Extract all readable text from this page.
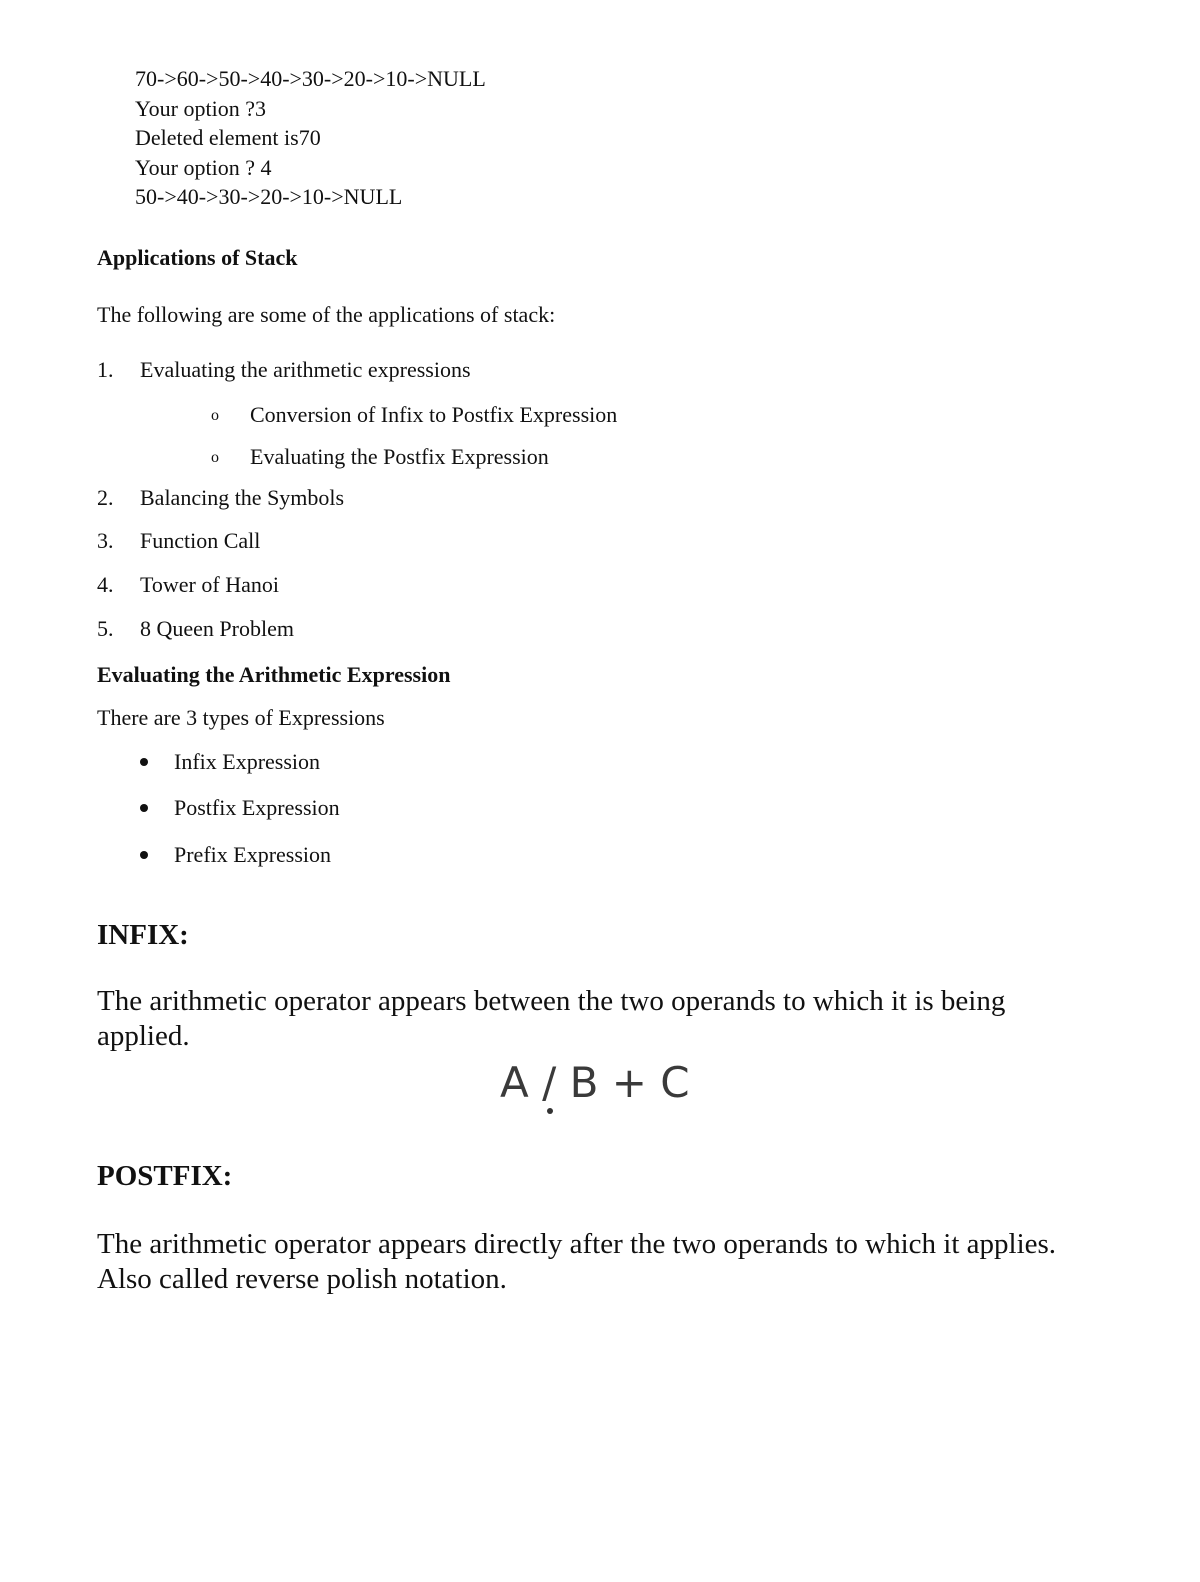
70->60->50->40->30->20->10->NULL
Your option ?3
Deleted element is70
Your option ? 4
50->40->30->20->10->NULL
Applications of Stack
The following are some of the applications of stack:
1. Evaluating the arithmetic expressions
o Conversion of Infix to Postfix Expression
o Evaluating the Postfix Expression
2. Balancing the Symbols
3. Function Call
4. Tower of Hanoi
5. 8 Queen Problem
Evaluating the Arithmetic Expression
There are 3 types of Expressions
Infix Expression
Postfix Expression
Prefix Expression
INFIX:
The arithmetic operator appears between the two operands to which it is being
applied.
A / B + C
POSTFIX:
The arithmetic operator appears directly after the two operands to which it applies.
Also called reverse polish notation.
